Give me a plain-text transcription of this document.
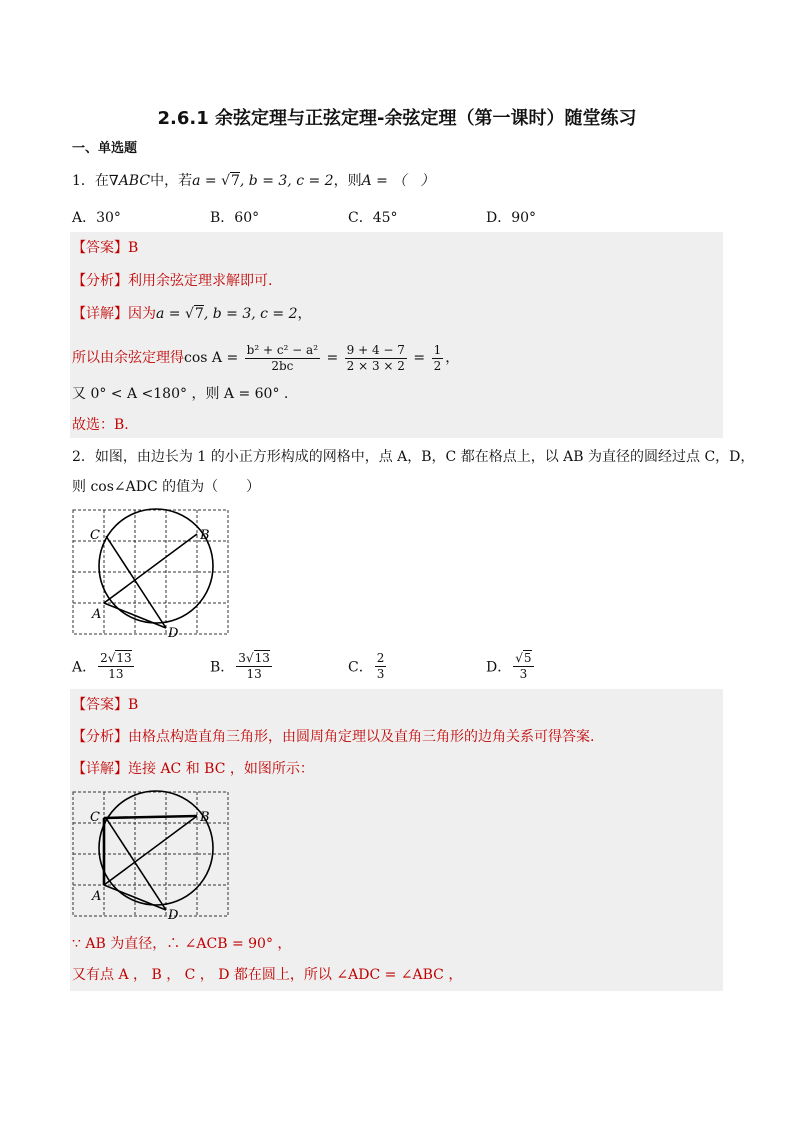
2.6.1 余弦定理与正弦定理-余弦定理（第一课时）随堂练习
一、单选题
1．在∇ABC中，若a = √7, b = 3, c = 2，则A = （　）
A．30°	B．60°	C．45°	D．90°
【答案】B
【分析】利用余弦定理求解即可.
【详解】因为a = √7, b = 3, c = 2，
所以由余弦定理得$\cos A = \frac{\text{b² + c² − a²}}{2bc} = \frac{9 + 4 - 7}{2 \times 3 \times 2} = \frac{1}{2}$ ，
又 0° < A <180° ，则 A = 60° .
故选：B.
2．如图，由边长为 1 的小正方形构成的网格中，点 A，B，C 都在格点上，以 AB 为直径的圆经过点 C，D，
则 cos∠ADC 的值为（　　）
C	B
A
D
A． $\frac{2√13}{13}$	B． $\frac{3√13}{13}$	C． $\frac{2}{3}$	D． $\frac{√5}{3}$
【答案】B
【分析】由格点构造直角三角形，由圆周角定理以及直角三角形的边角关系可得答案.
【详解】连接 AC 和 BC ，如图所示：
C	B
A
D
∵ AB 为直径，∴ ∠ACB = 90° ，
又有点 A ， B ， C ， D 都在圆上，所以 ∠ADC = ∠ABC ，
